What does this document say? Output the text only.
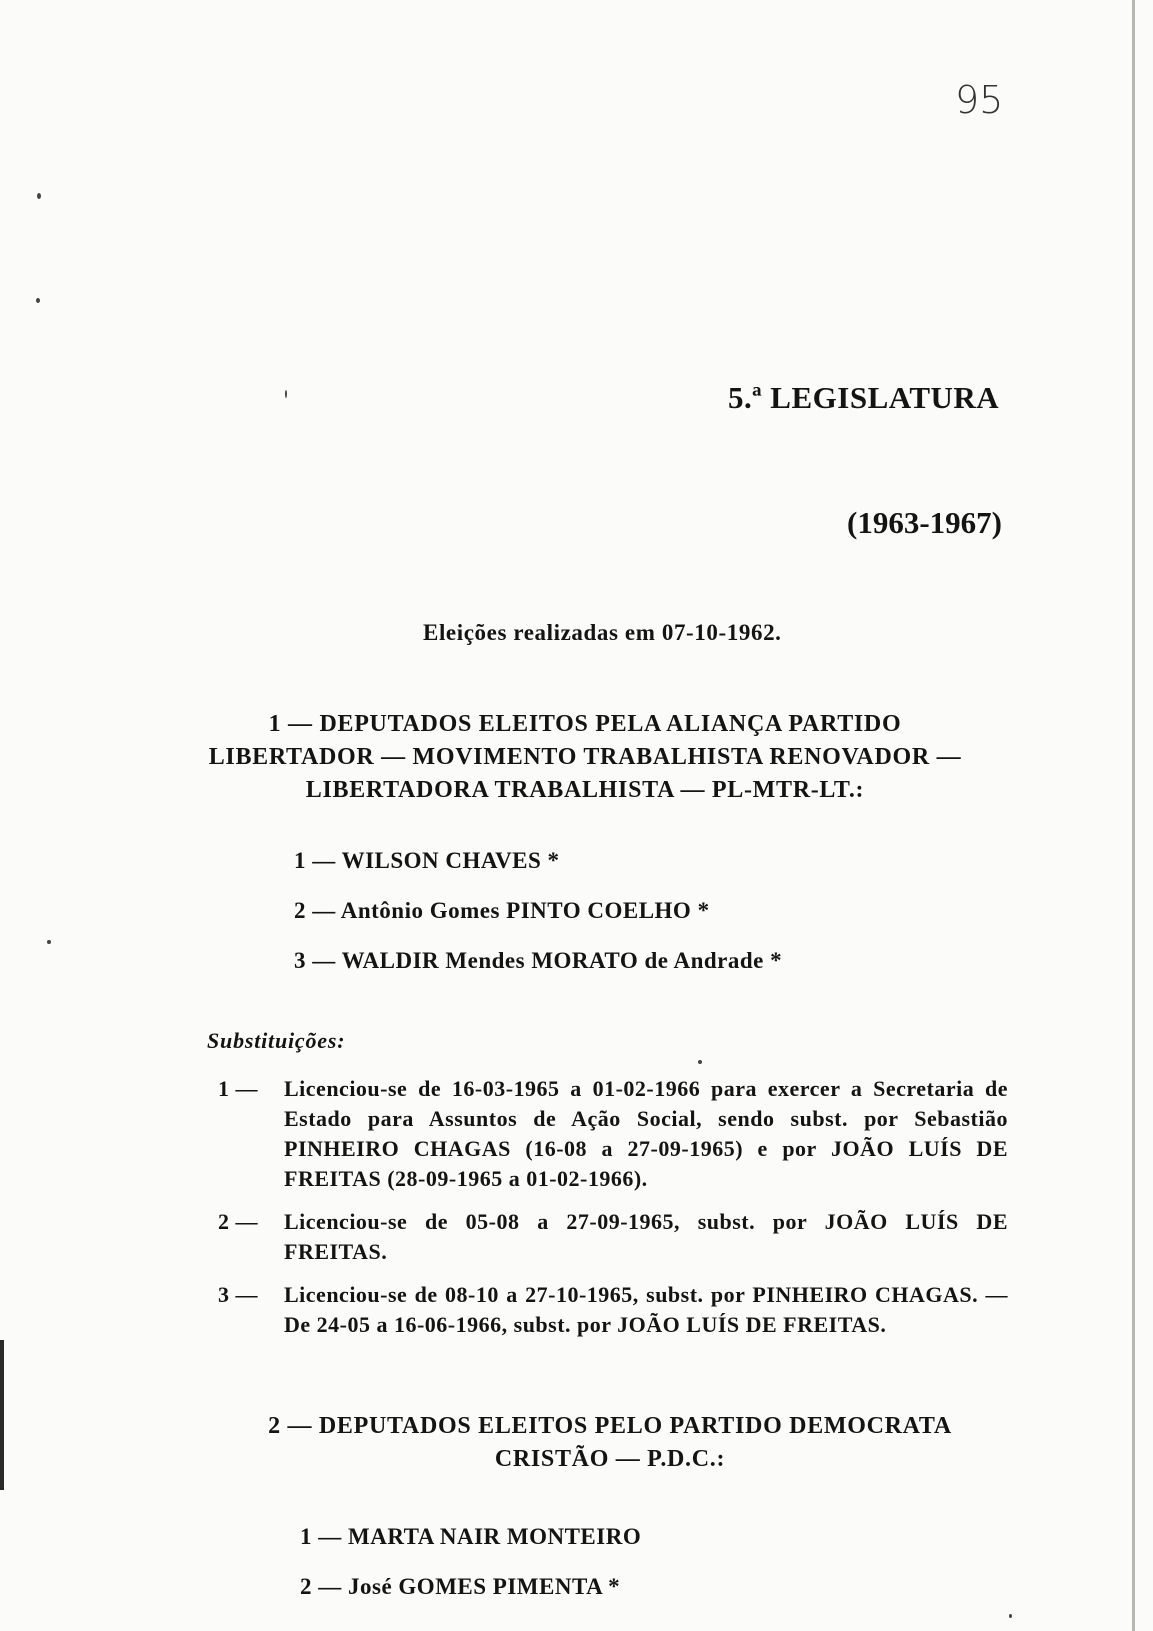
95
5.ª LEGISLATURA
(1963-1967)
Eleições realizadas em 07-10-1962.
1 — DEPUTADOS ELEITOS PELA ALIANÇA PARTIDO LIBERTADOR — MOVIMENTO TRABALHISTA RENOVADOR — LIBERTADORA TRABALHISTA — PL-MTR-LT.:
1 — WILSON CHAVES *
2 — Antônio Gomes PINTO COELHO *
3 — WALDIR Mendes MORATO de Andrade *
Substituições:
1 —	Licenciou-se de 16-03-1965 a 01-02-1966 para exercer a Secretaria de Estado para Assuntos de Ação Social, sendo subst. por Sebastião PINHEIRO CHAGAS (16-08 a 27-09-1965) e por JOÃO LUÍS DE FREITAS (28-09-1965 a 01-02-1966).
2 —	Licenciou-se de 05-08 a 27-09-1965, subst. por JOÃO LUÍS DE FREITAS.
3 —	Licenciou-se de 08-10 a 27-10-1965, subst. por PINHEIRO CHAGAS. — De 24-05 a 16-06-1966, subst. por JOÃO LUÍS DE FREITAS.
2 — DEPUTADOS ELEITOS PELO PARTIDO DEMOCRATA CRISTÃO — P.D.C.:
1 — MARTA NAIR MONTEIRO
2 — José GOMES PIMENTA *
